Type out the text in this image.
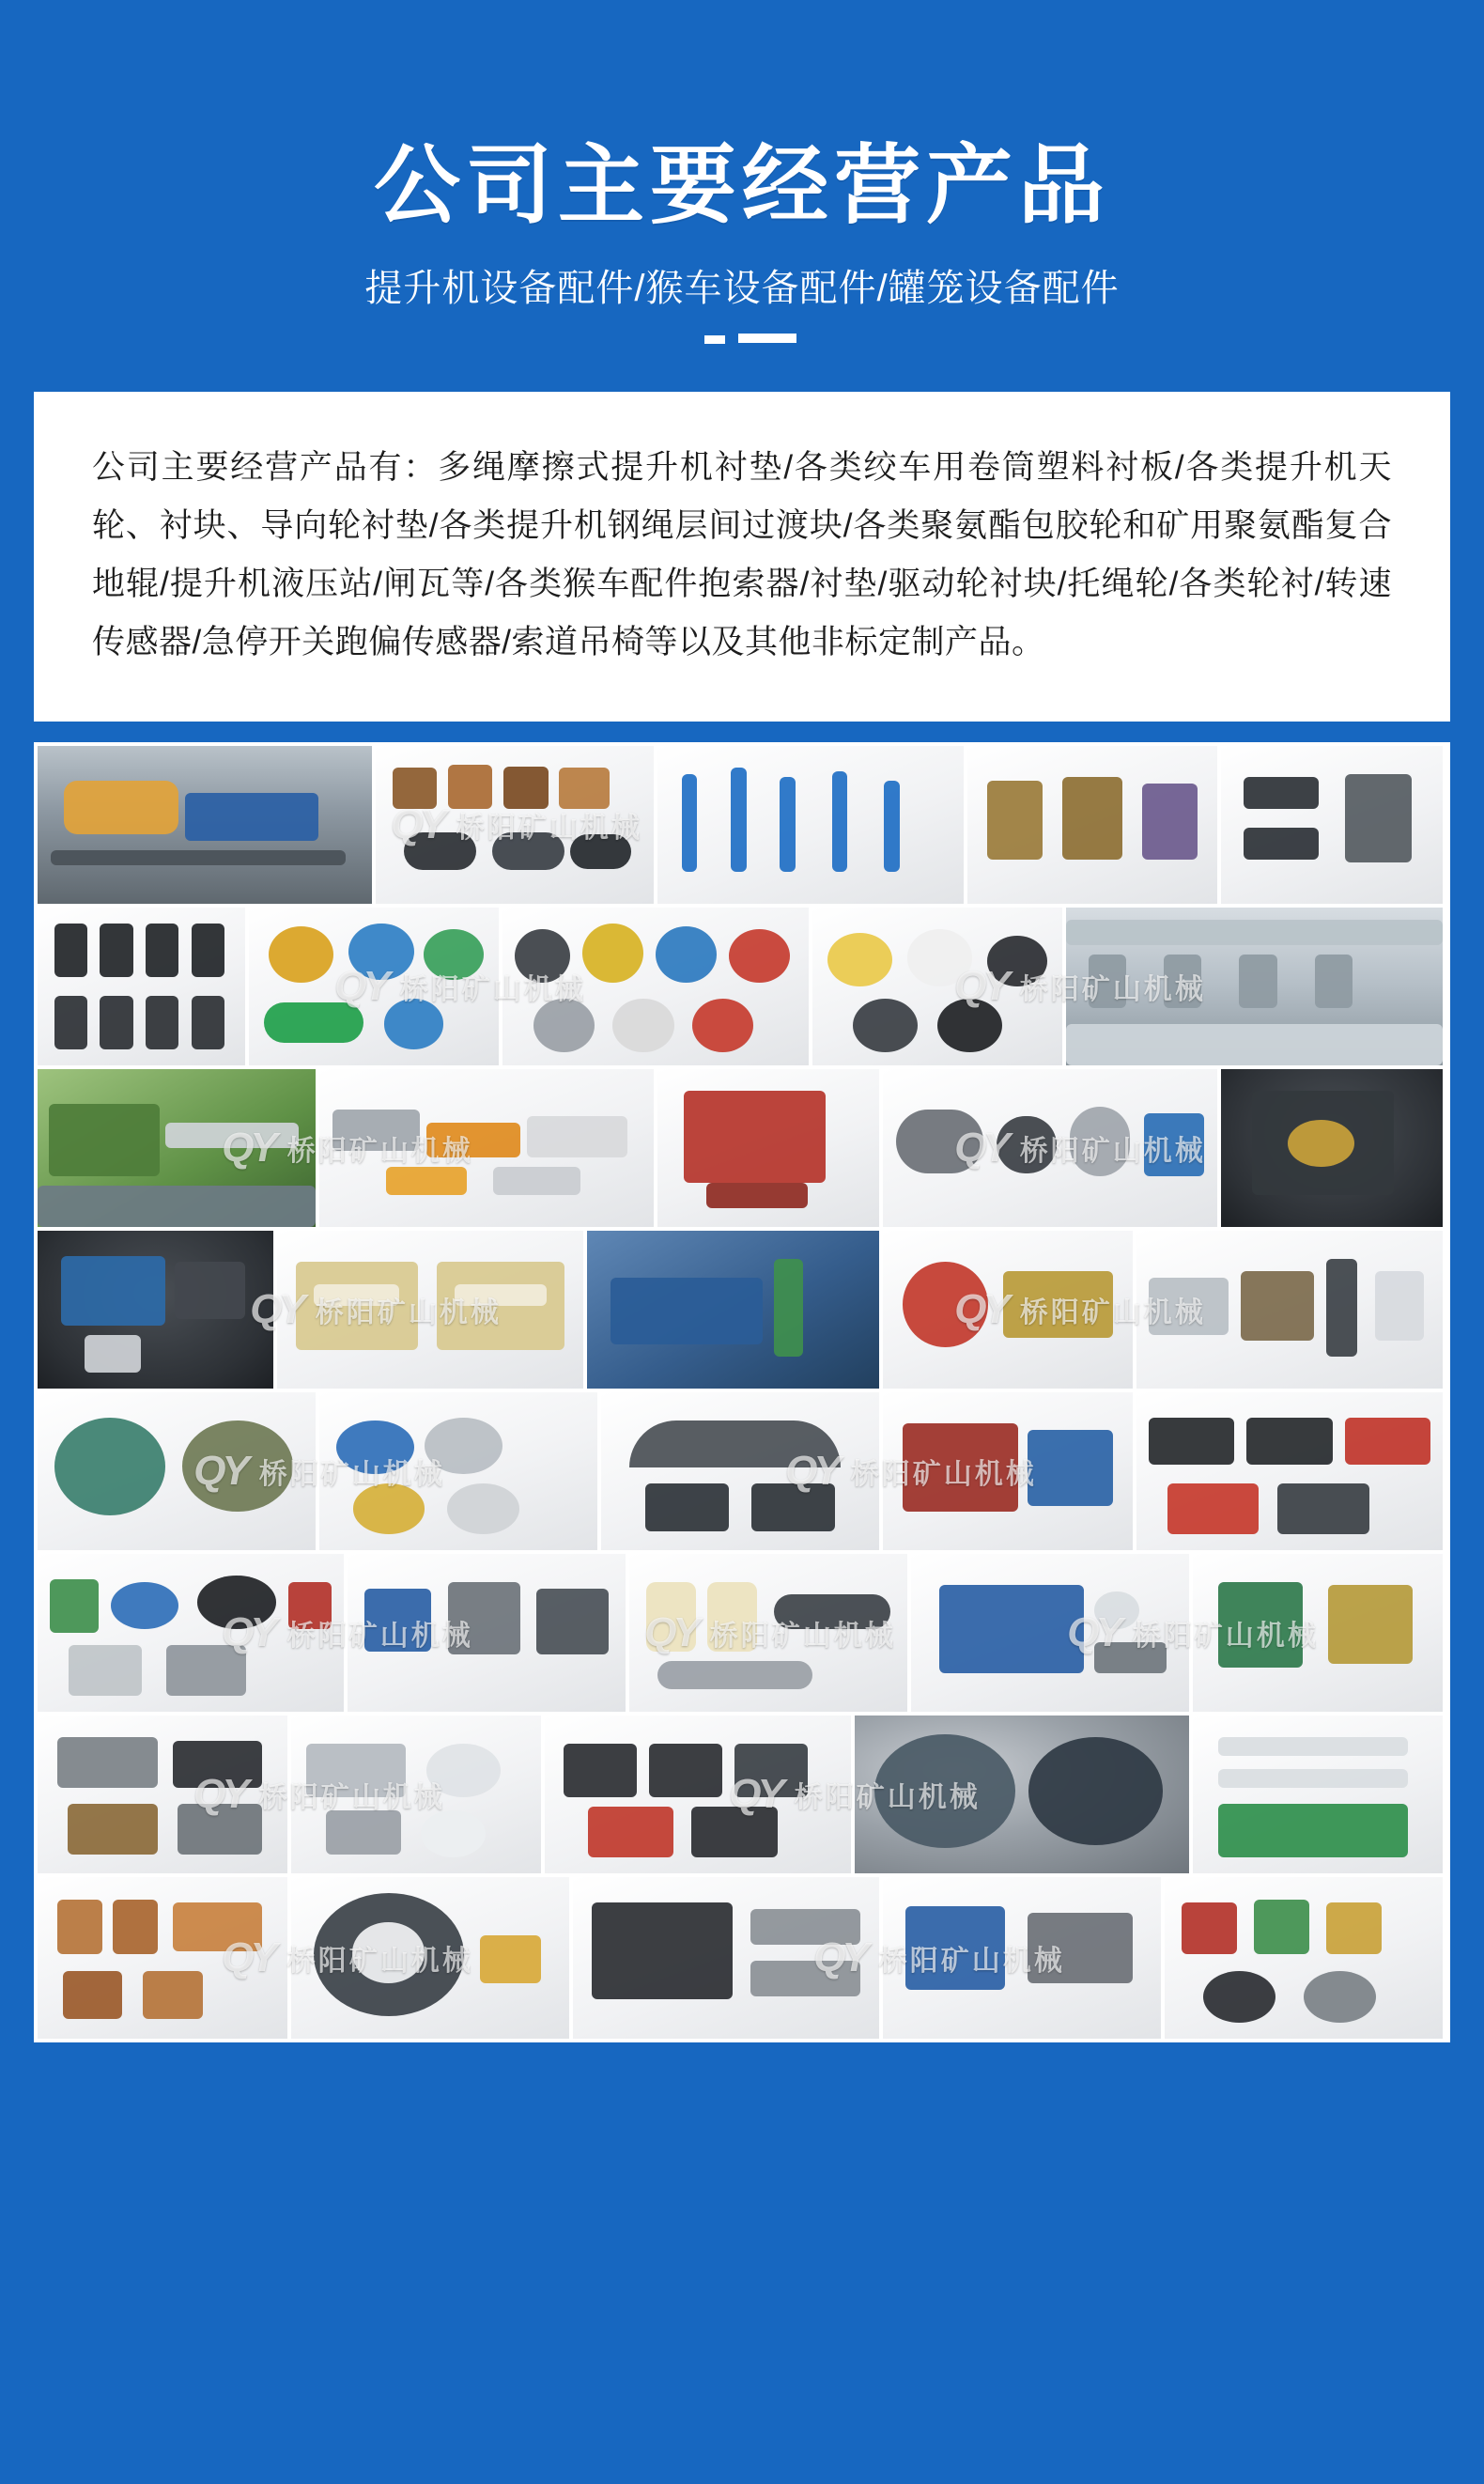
公司主要经营产品
提升机设备配件/猴车设备配件/罐笼设备配件

公司主要经营产品有：多绳摩擦式提升机衬垫/各类绞车用卷筒塑料衬板/各类提升机天轮、衬块、导向轮衬垫/各类提升机钢绳层间过渡块/各类聚氨酯包胶轮和矿用聚氨酯复合地辊/提升机液压站/闸瓦等/各类猴车配件抱索器/衬垫/驱动轮衬块/托绳轮/各类轮衬/转速传感器/急停开关跑偏传感器/索道吊椅等以及其他非标定制产品。

QY 桥阳矿山机械
QY 桥阳矿山机械	QY 桥阳矿山机械
QY 桥阳矿山机械	QY 桥阳矿山机械
QY 桥阳矿山机械	QY 桥阳矿山机械
QY 桥阳矿山机械	QY 桥阳矿山机械
QY 桥阳矿山机械	QY 桥阳矿山机械	QY 桥阳矿山机械
QY 桥阳矿山机械	QY 桥阳矿山机械
QY 桥阳矿山机械	QY 桥阳矿山机械
